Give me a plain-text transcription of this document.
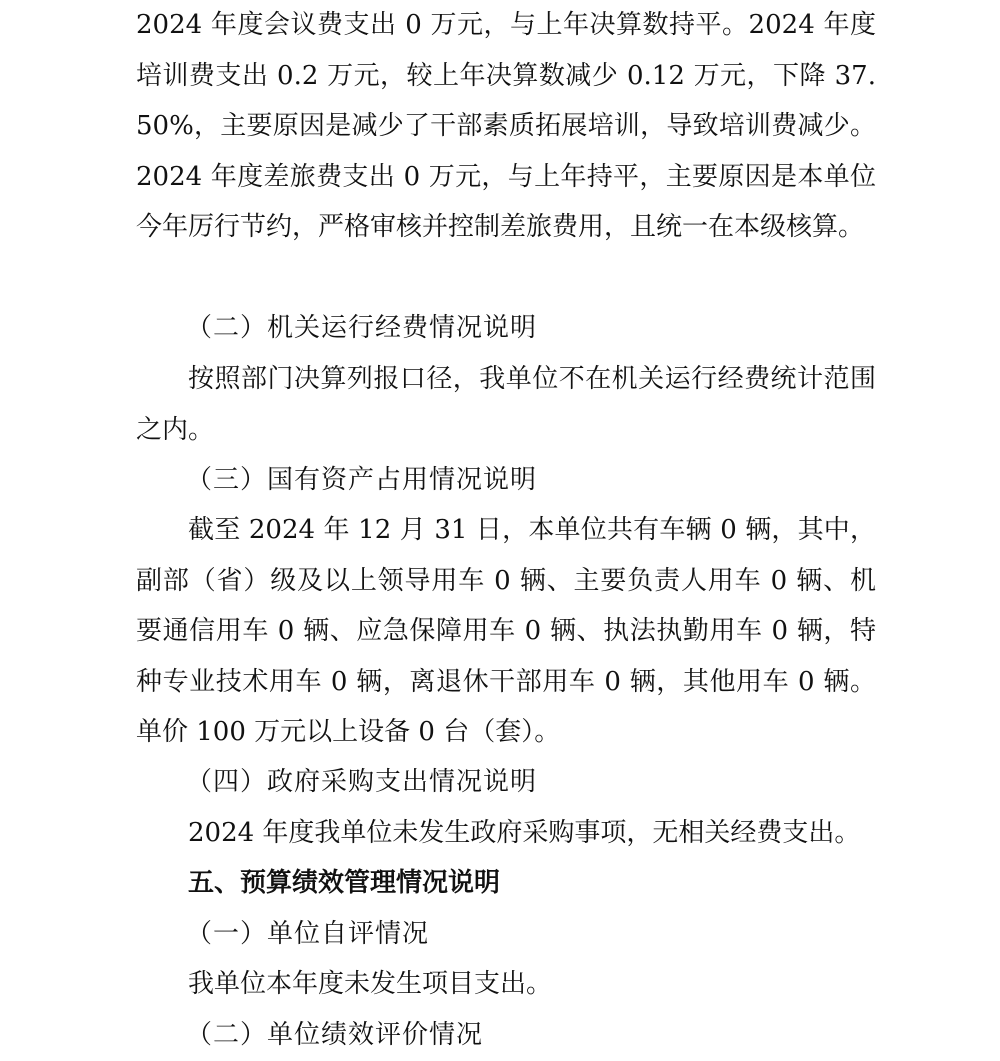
2024 年度会议费支出 0 万元，与上年决算数持平。2024 年度培训费支出 0.2 万元，较上年决算数减少 0.12 万元，下降 37.50%，主要原因是减少了干部素质拓展培训，导致培训费减少。2024 年度差旅费支出 0 万元，与上年持平，主要原因是本单位今年厉行节约，严格审核并控制差旅费用，且统一在本级核算。

（二）机关运行经费情况说明

按照部门决算列报口径，我单位不在机关运行经费统计范围之内。

（三）国有资产占用情况说明

截至 2024 年 12 月 31 日，本单位共有车辆 0 辆，其中，副部（省）级及以上领导用车 0 辆、主要负责人用车 0 辆、机要通信用车 0 辆、应急保障用车 0 辆、执法执勤用车 0 辆，特种专业技术用车 0 辆，离退休干部用车 0 辆，其他用车 0 辆。单价 100 万元以上设备 0 台（套）。

（四）政府采购支出情况说明

2024 年度我单位未发生政府采购事项，无相关经费支出。

五、预算绩效管理情况说明

（一）单位自评情况

我单位本年度未发生项目支出。

（二）单位绩效评价情况
